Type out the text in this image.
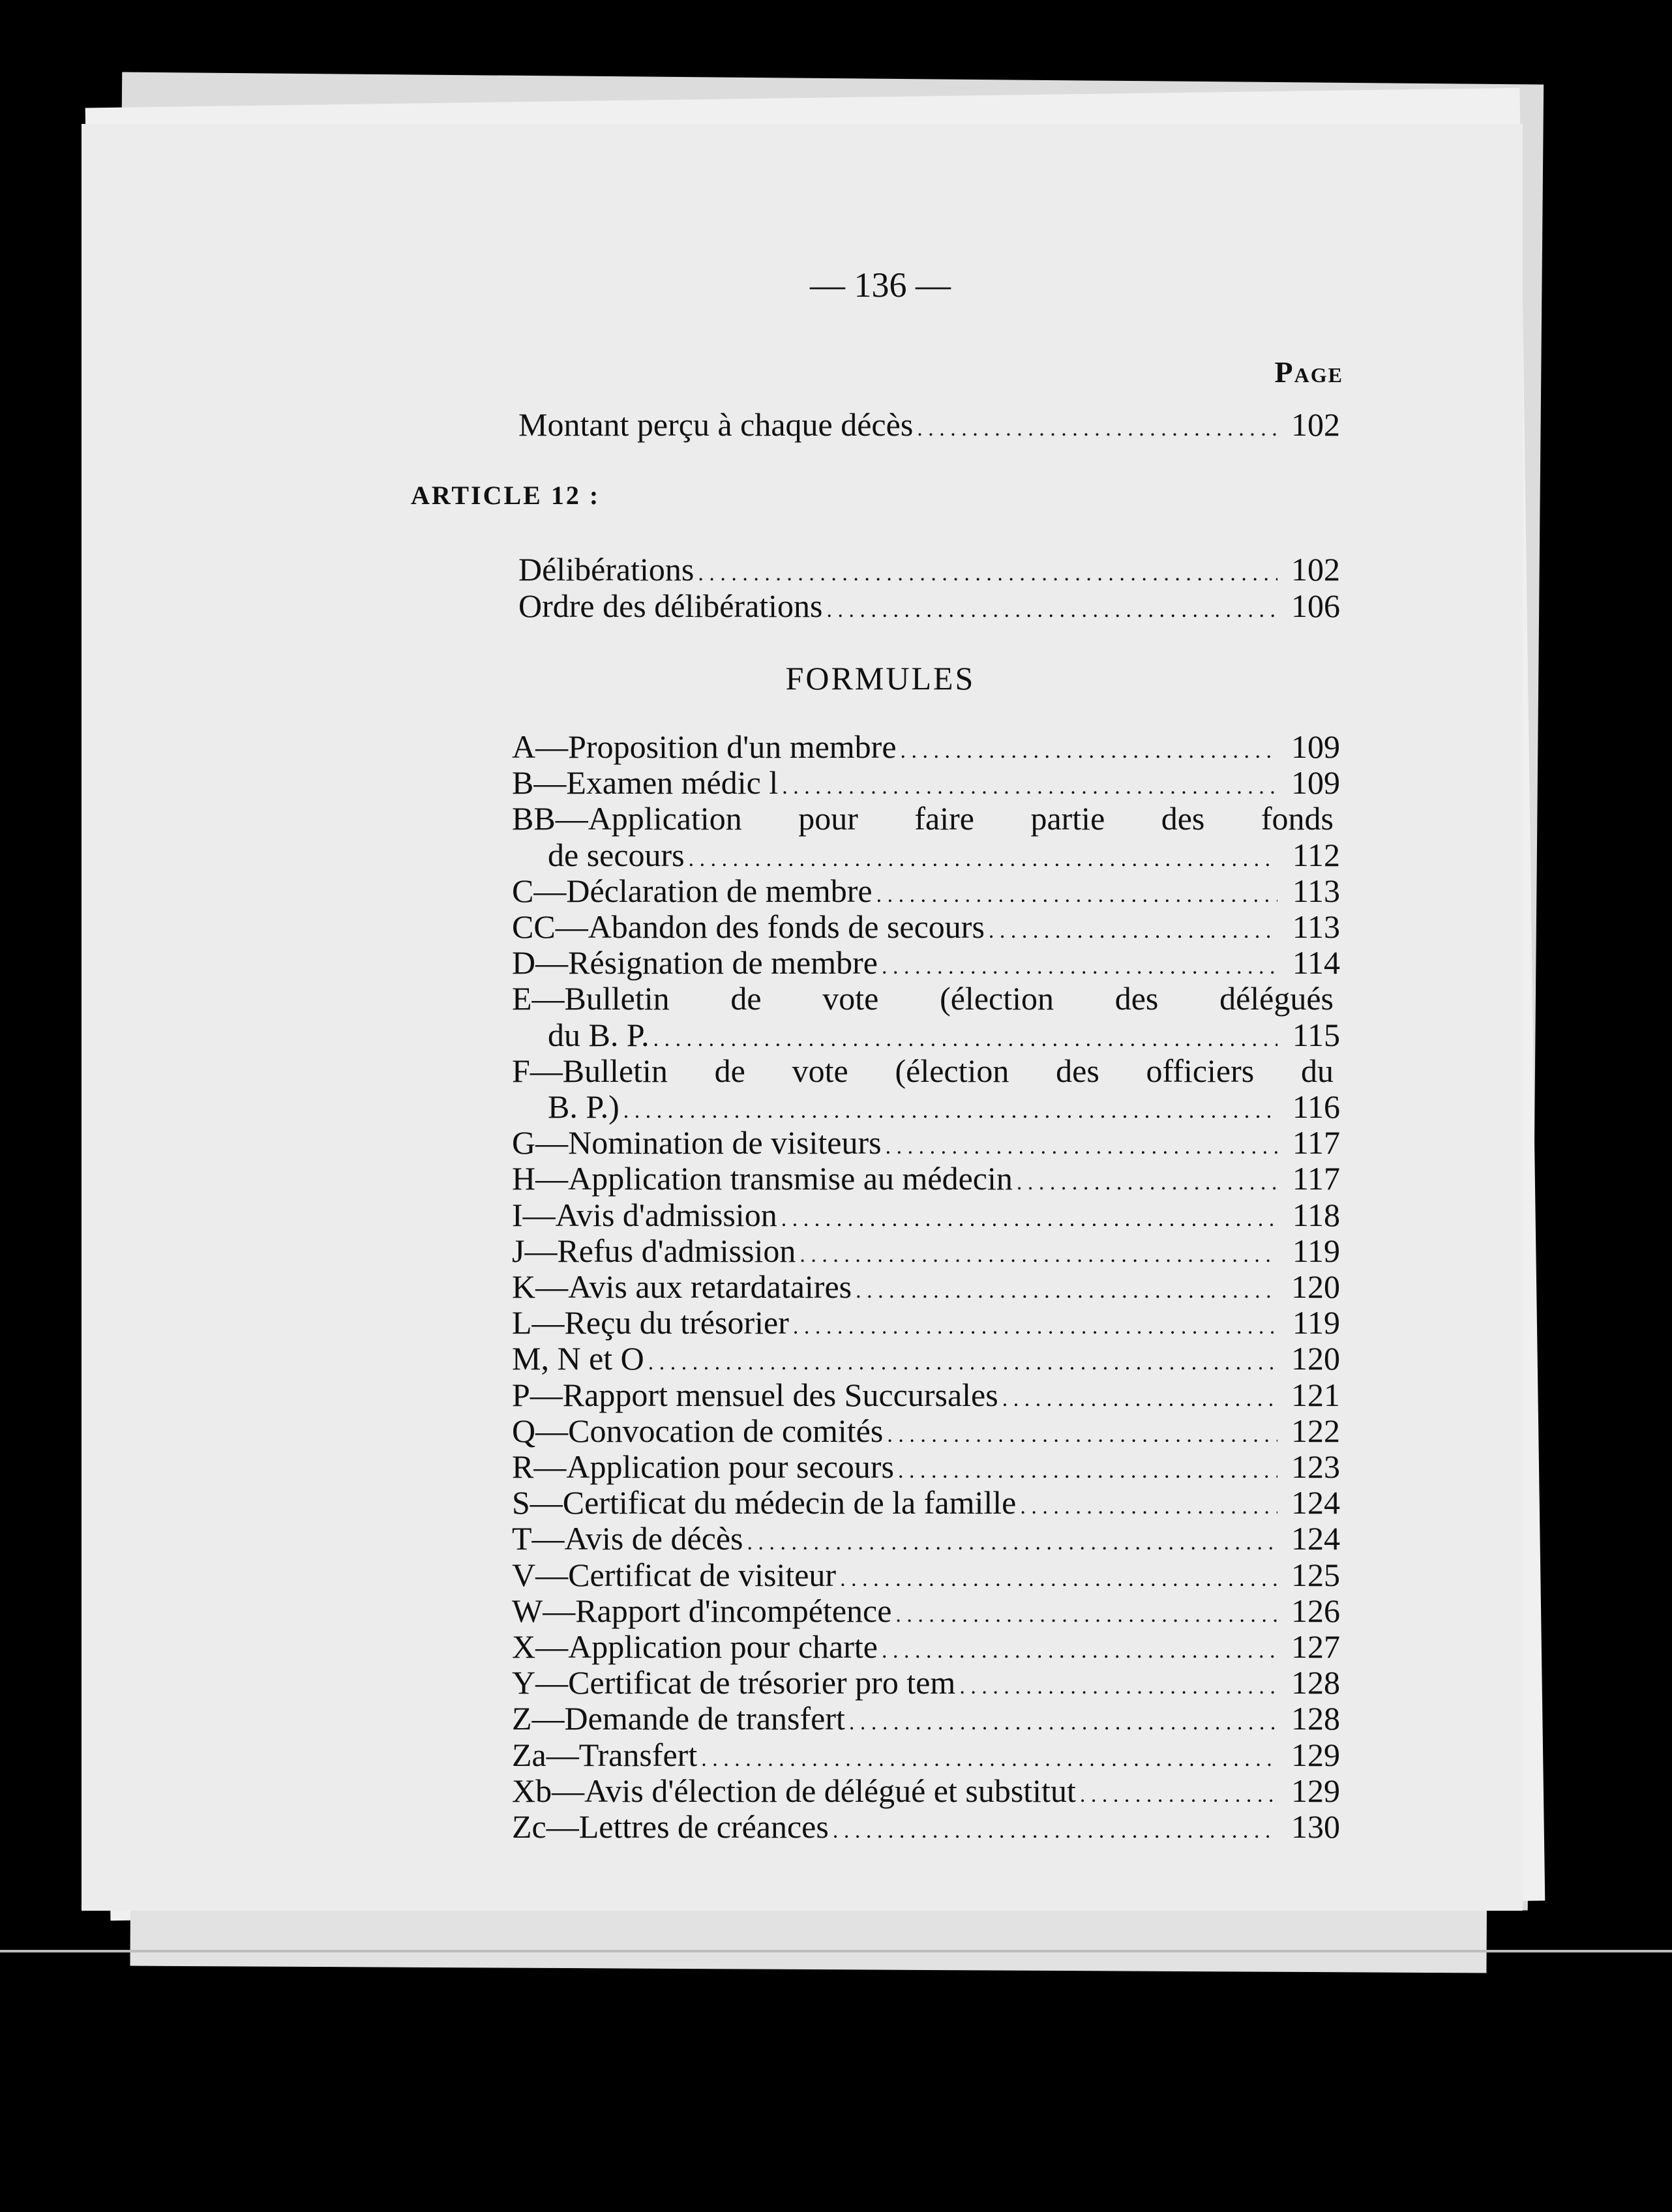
— 136 —
Page
Montant perçu à chaque décès . . .	102
ARTICLE 12 :
Délibérations . . .	102
Ordre des délibérations . . .	106
FORMULES
A—Proposition d'un membre . . .	109
B—Examen médic l . . .	109
BB—Application pour faire partie des fonds
de secours . . .	112
C—Déclaration de membre . . .	113
CC—Abandon des fonds de secours . . .	113
D—Résignation de membre . . .	114
E—Bulletin de vote (élection des délégués
du B. P. . . .	115
F—Bulletin de vote (élection des officiers du
B. P.) . . .	116
G—Nomination de visiteurs . . .	117
H—Application transmise au médecin . . .	117
I—Avis d'admission . . .	118
J—Refus d'admission . . .	119
K—Avis aux retardataires . . .	120
L—Reçu du trésorier . . .	119
M, N et O . . .	120
P—Rapport mensuel des Succursales . . .	121
Q—Convocation de comités . . .	122
R—Application pour secours . . .	123
S—Certificat du médecin de la famille . . .	124
T—Avis de décès . . .	124
V—Certificat de visiteur . . .	125
W—Rapport d'incompétence . . .	126
X—Application pour charte . . .	127
Y—Certificat de trésorier pro tem . . .	128
Z—Demande de transfert . . .	128
Za—Transfert . . .	129
Xb—Avis d'élection de délégué et substitut . . .	129
Zc—Lettres de créances . . .	130
